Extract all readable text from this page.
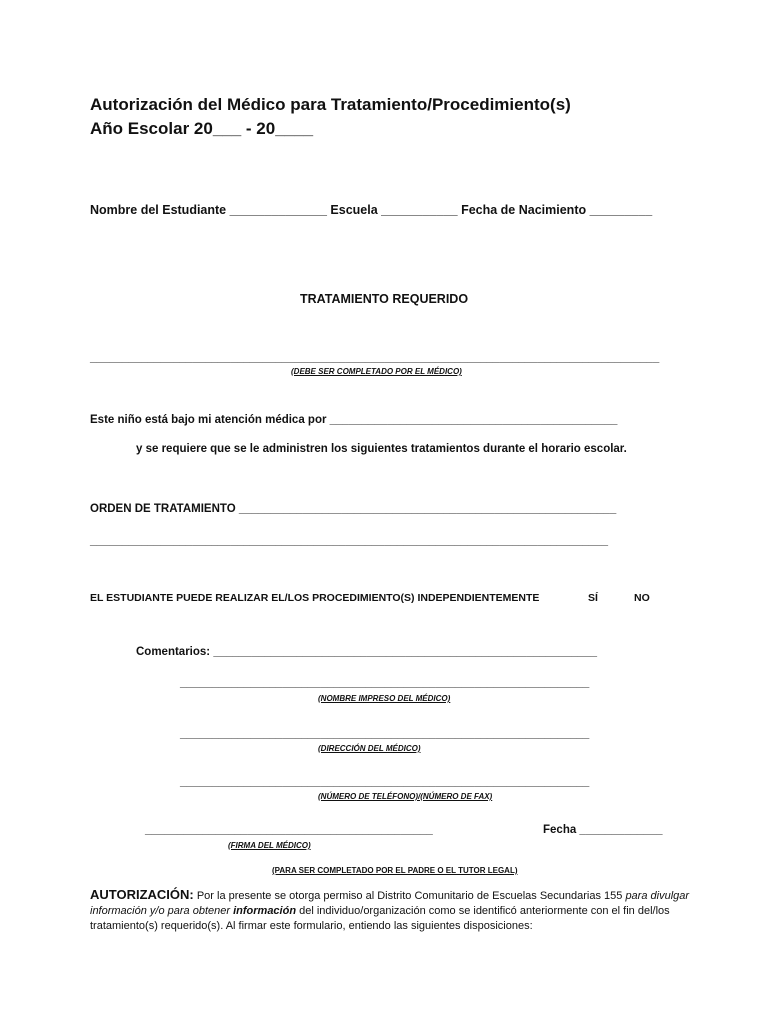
Autorización del Médico para Tratamiento/Procedimiento(s)
Año Escolar 20___ - 20____
Nombre del Estudiante ______________ Escuela ___________ Fecha de Nacimiento _________
TRATAMIENTO REQUERIDO
_________________________________________________________________________________________
(DEBE SER COMPLETADO POR EL MÉDICO)
Este niño está bajo mi atención médica por _____________________________________________
y se requiere que se le administren los siguientes tratamientos durante el horario escolar.
ORDEN DE TRATAMIENTO ___________________________________________________________
_________________________________________________________________________________
EL ESTUDIANTE PUEDE REALIZAR EL/LOS PROCEDIMIENTO(S) INDEPENDIENTEMENTE	SÍ	NO
Comentarios: ____________________________________________________________
________________________________________________________________
(NOMBRE IMPRESO DEL MÉDICO)
________________________________________________________________
(DIRECCIÓN DEL MÉDICO)
________________________________________________________________
(NÚMERO DE TELÉFONO)/(NÚMERO DE FAX)
_____________________________________________	Fecha _____________
(FIRMA DEL MÉDICO)
(PARA SER COMPLETADO POR EL PADRE O EL TUTOR LEGAL)
AUTORIZACIÓN: Por la presente se otorga permiso al Distrito Comunitario de Escuelas Secundarias 155 para divulgar información y/o para obtener información del individuo/organización como se identificó anteriormente con el fin del/los tratamiento(s) requerido(s). Al firmar este formulario, entiendo las siguientes disposiciones:
